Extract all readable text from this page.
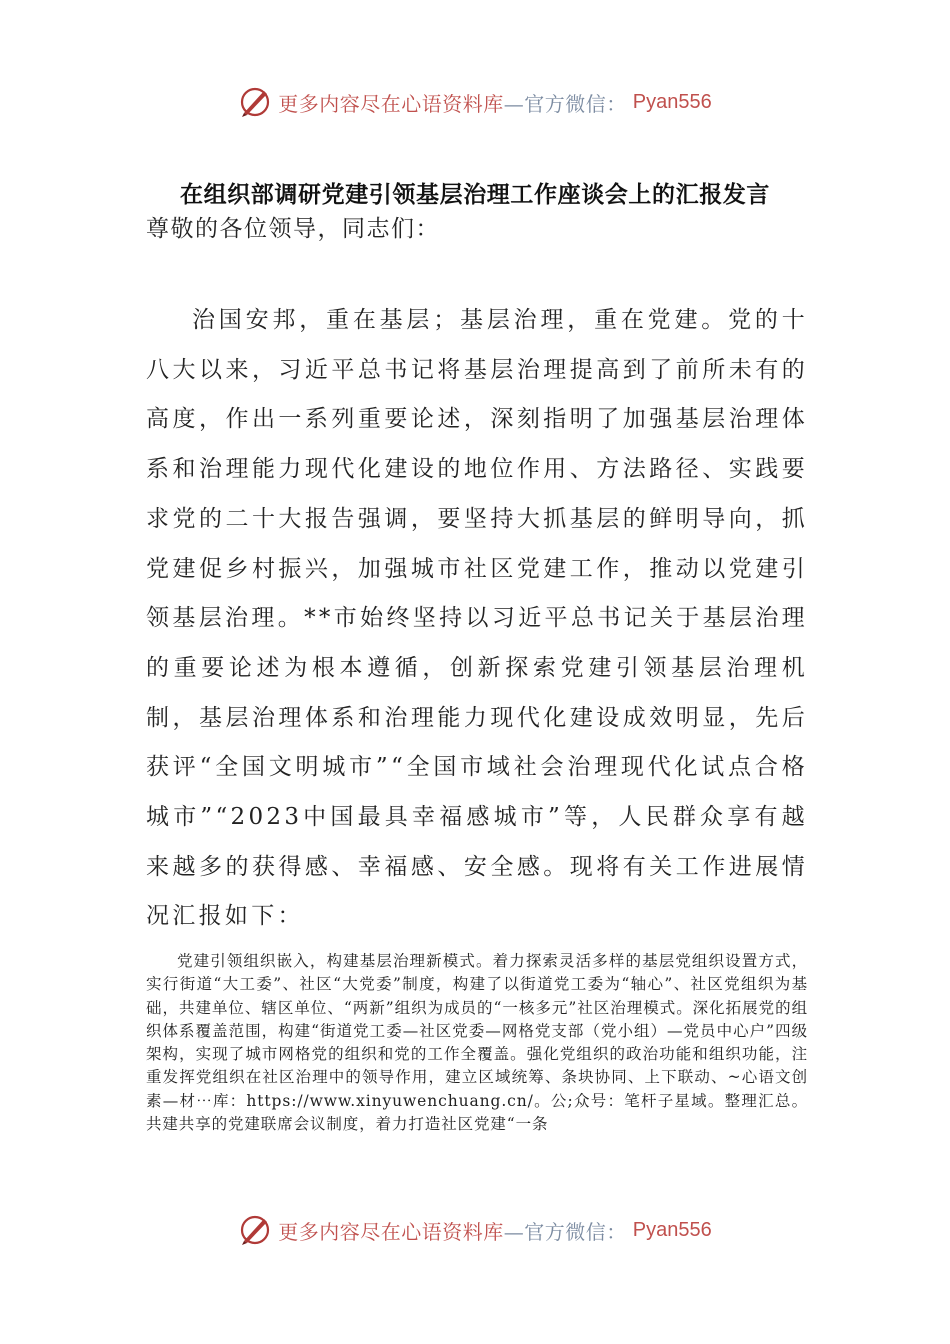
更多内容尽在心语资料库—官方微信： Pyan556
在组织部调研党建引领基层治理工作座谈会上的汇报发言

尊敬的各位领导，同志们：

治国安邦，重在基层；基层治理，重在党建。党的十八大以来，习近平总书记将基层治理提高到了前所未有的高度，作出一系列重要论述，深刻指明了加强基层治理体系和治理能力现代化建设的地位作用、方法路径、实践要求党的二十大报告强调，要坚持大抓基层的鲜明导向，抓党建促乡村振兴，加强城市社区党建工作，推动以党建引领基层治理。**市始终坚持以习近平总书记关于基层治理的重要论述为根本遵循，创新探索党建引领基层治理机制，基层治理体系和治理能力现代化建设成效明显，先后获评“全国文明城市”“全国市域社会治理现代化试点合格城市”“2023中国最具幸福感城市”等，人民群众享有越来越多的获得感、幸福感、安全感。现将有关工作进展情况汇报如下：

党建引领组织嵌入，构建基层治理新模式。着力探索灵活多样的基层党组织设置方式，实行街道“大工委”、社区“大党委”制度，构建了以街道党工委为“轴心”、社区党组织为基础，共建单位、辖区单位、“两新”组织为成员的“一核多元”社区治理模式。深化拓展党的组织体系覆盖范围，构建“街道党工委—社区党委—网格党支部（党小组）—党员中心户”四级架构，实现了城市网格党的组织和党的工作全覆盖。强化党组织的政治功能和组织功能，注重发挥党组织在社区治理中的领导作用，建立区域统筹、条块协同、上下联动、~心语文创素—材⋯库：https://www.xinyuwenchuang.cn/。公;众号：笔杆子星域。整理汇总。共建共享的党建联席会议制度，着力打造社区党建“一条

更多内容尽在心语资料库—官方微信： Pyan556
